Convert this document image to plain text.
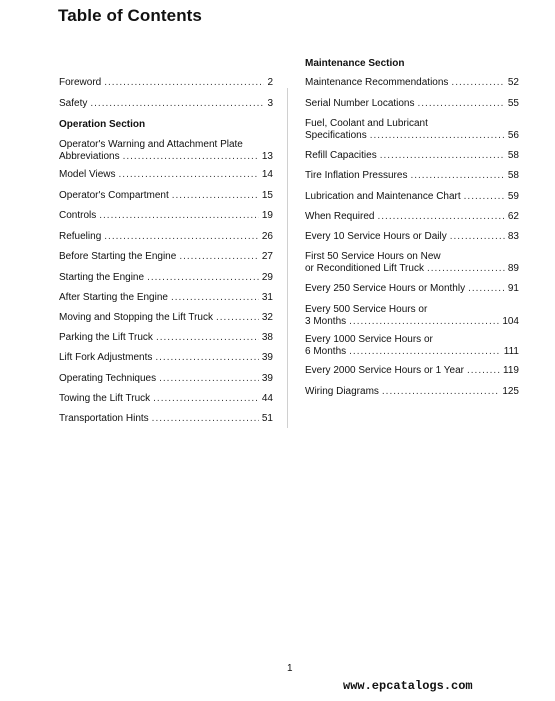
Table of Contents
Foreword .....	2
Safety .....	3
Operation Section
Operator's Warning and Attachment Plate
Abbreviations .....	13
Model Views .....	14
Operator's Compartment .....	15
Controls .....	19
Refueling .....	26
Before Starting the Engine .....	27
Starting the Engine .....	29
After Starting the Engine .....	31
Moving and Stopping the Lift Truck .....	32
Parking the Lift Truck .....	38
Lift Fork Adjustments .....	39
Operating Techniques .....	39
Towing the Lift Truck .....	44
Transportation Hints .....	51
Maintenance Section
Maintenance Recommendations .....	52
Serial Number Locations .....	55
Fuel, Coolant and Lubricant
Specifications .....	56
Refill Capacities .....	58
Tire Inflation Pressures .....	58
Lubrication and Maintenance Chart .....	59
When Required .....	62
Every 10 Service Hours or Daily .....	83
First 50 Service Hours on New
or Reconditioned Lift Truck .....	89
Every 250 Service Hours or Monthly .....	91
Every 500 Service Hours or
3 Months .....	104
Every 1000 Service Hours or
6 Months .....	111
Every 2000 Service Hours or 1 Year .....	119
Wiring Diagrams .....	125
1
www.epcatalogs.com
